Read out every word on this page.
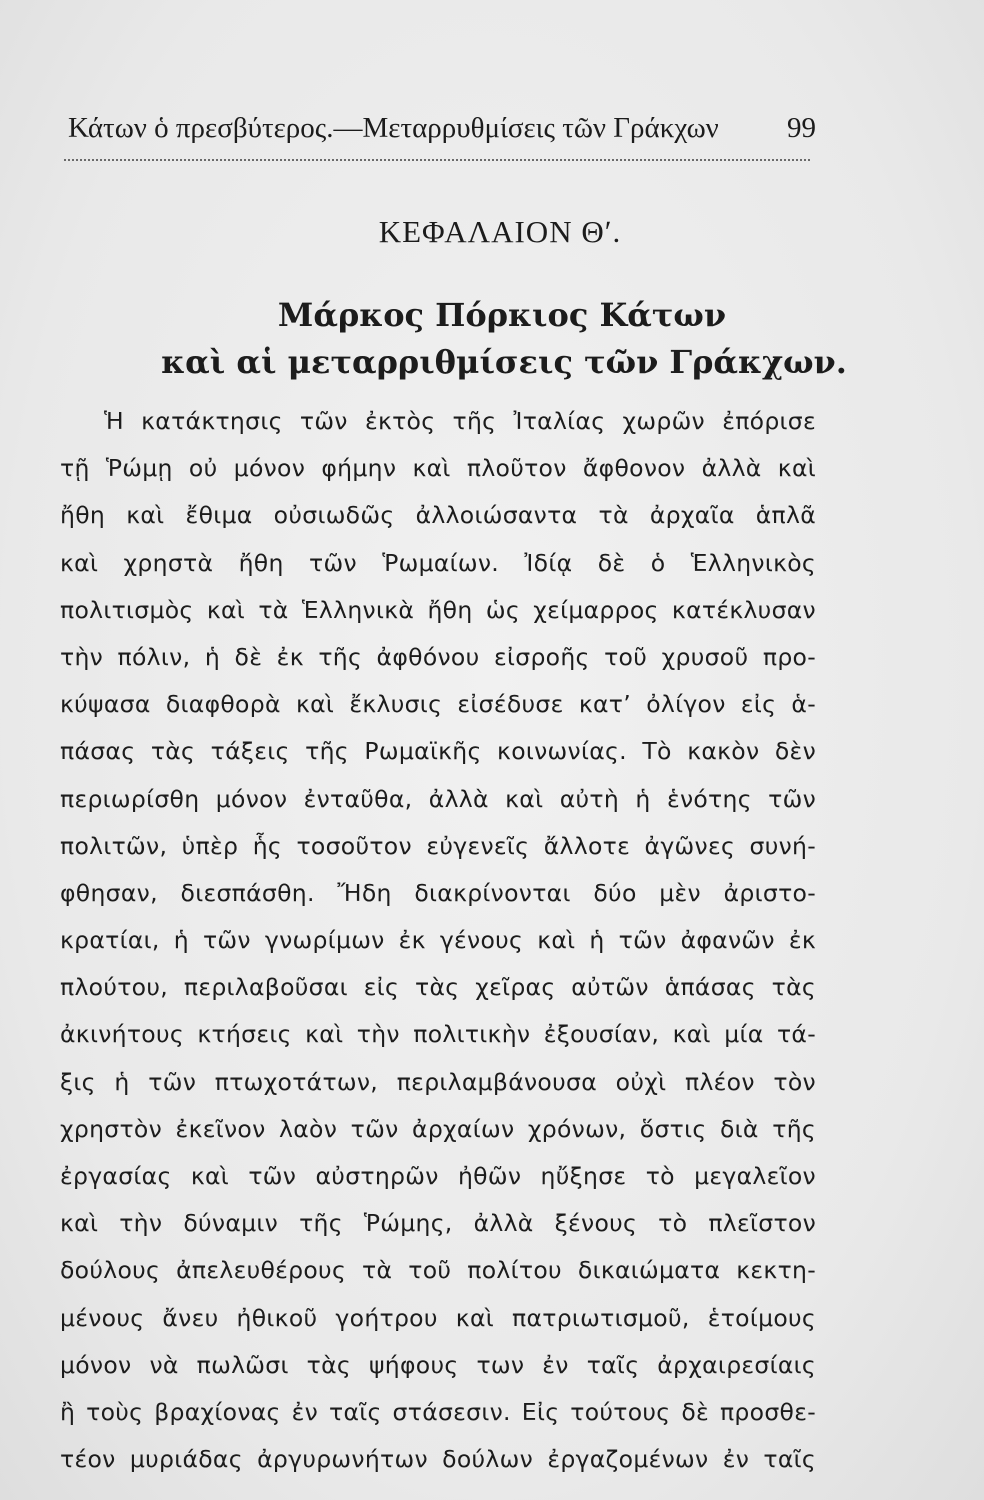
Κάτων ὁ πρεσβύτερος.—Μεταρρυθμίσεις τῶν Γράκχων 99
ΚΕΦΑΛΑΙΟΝ Θʹ.
Μάρκος Πόρκιος Κάτων
καὶ αἱ μεταρριθμίσεις τῶν Γράκχων.
Ἡ κατάκτησις τῶν ἐκτὸς τῆς Ἰταλίας χωρῶν ἐπόρισε
τῇ Ῥώμῃ οὐ μόνον φήμην καὶ πλοῦτον ἄφθονον ἀλλὰ καὶ
ἤθη καὶ ἔθιμα οὐσιωδῶς ἀλλοιώσαντα τὰ ἀρχαῖα ἁπλᾶ
καὶ χρηστὰ ἤθη τῶν Ῥωμαίων. Ἰδίᾳ δὲ ὁ Ἑλληνικὸς
πολιτισμὸς καὶ τὰ Ἑλληνικὰ ἤθη ὡς χείμαρρος κατέκλυσαν
τὴν πόλιν, ἡ δὲ ἐκ τῆς ἀφθόνου εἰσροῆς τοῦ χρυσοῦ προ-
κύψασα διαφθορὰ καὶ ἔκλυσις εἰσέδυσε κατ’ ὀλίγον εἰς ἁ-
πάσας τὰς τάξεις τῆς Ρωμαϊκῆς κοινωνίας. Τὸ κακὸν δὲν
περιωρίσθη μόνον ἐνταῦθα, ἀλλὰ καὶ αὐτὴ ἡ ἑνότης τῶν
πολιτῶν, ὑπὲρ ἧς τοσοῦτον εὐγενεῖς ἄλλοτε ἀγῶνες συνή-
φθησαν, διεσπάσθη. Ἤδη διακρίνονται δύο μὲν ἀριστο-
κρατίαι, ἡ τῶν γνωρίμων ἐκ γένους καὶ ἡ τῶν ἀφανῶν ἐκ
πλούτου, περιλαβοῦσαι εἰς τὰς χεῖρας αὐτῶν ἁπάσας τὰς
ἀκινήτους κτήσεις καὶ τὴν πολιτικὴν ἐξουσίαν, καὶ μία τά-
ξις ἡ τῶν πτωχοτάτων, περιλαμβάνουσα οὐχὶ πλέον τὸν
χρηστὸν ἐκεῖνον λαὸν τῶν ἀρχαίων χρόνων, ὅστις διὰ τῆς
ἐργασίας καὶ τῶν αὐστηρῶν ἠθῶν ηὔξησε τὸ μεγαλεῖον
καὶ τὴν δύναμιν τῆς Ῥώμης, ἀλλὰ ξένους τὸ πλεῖστον
δούλους ἀπελευθέρους τὰ τοῦ πολίτου δικαιώματα κεκτη-
μένους ἄνευ ἠθικοῦ γοήτρου καὶ πατριωτισμοῦ, ἑτοίμους
μόνον νὰ πωλῶσι τὰς ψήφους των ἐν ταῖς ἀρχαιρεσίαις
ἢ τοὺς βραχίονας ἐν ταῖς στάσεσιν. Εἰς τούτους δὲ προσθε-
τέον μυριάδας ἀργυρωνήτων δούλων ἐργαζομένων ἐν ταῖς
